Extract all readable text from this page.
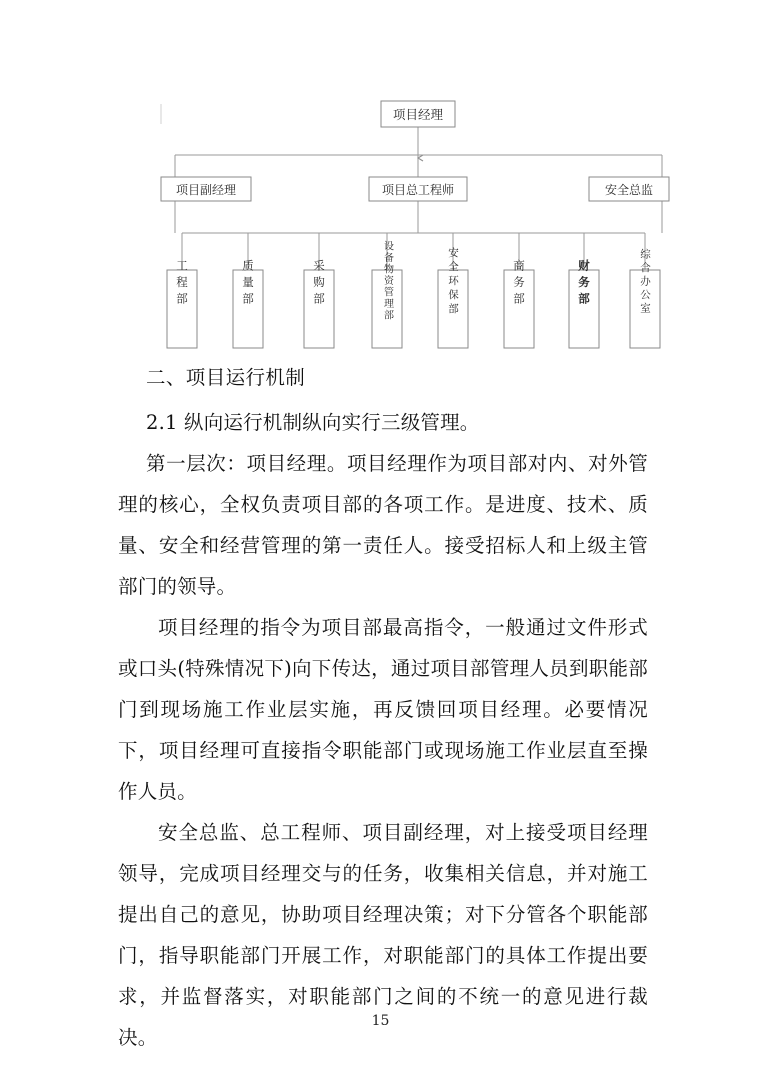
项目经理
项目副经理	项目总工程师	安全总监
工程部	质量部	采购部	设备物资管理部	安全环保部	商务部	财务部	综合办公室

二、项目运行机制

2.1 纵向运行机制纵向实行三级管理。

第一层次：项目经理。项目经理作为项目部对内、对外管理的核心，全权负责项目部的各项工作。是进度、技术、质量、安全和经营管理的第一责任人。接受招标人和上级主管部门的领导。

项目经理的指令为项目部最高指令，一般通过文件形式或口头(特殊情况下)向下传达，通过项目部管理人员到职能部门到现场施工作业层实施，再反馈回项目经理。必要情况下，项目经理可直接指令职能部门或现场施工作业层直至操作人员。

安全总监、总工程师、项目副经理，对上接受项目经理领导，完成项目经理交与的任务，收集相关信息，并对施工提出自己的意见，协助项目经理决策；对下分管各个职能部门，指导职能部门开展工作，对职能部门的具体工作提出要求，并监督落实，对职能部门之间的不统一的意见进行裁决。

15
